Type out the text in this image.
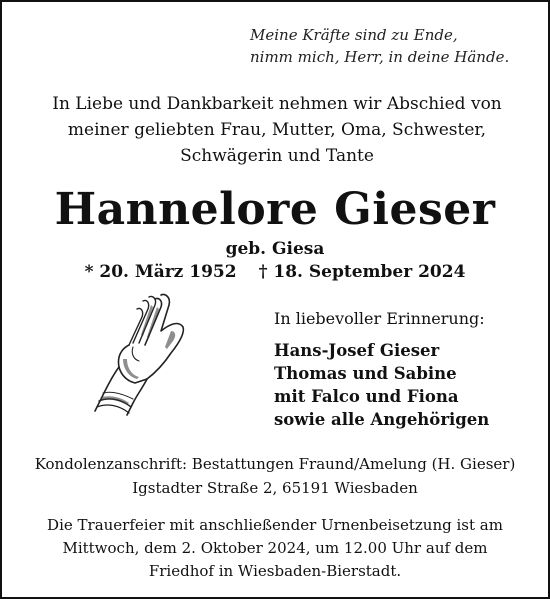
Meine Kräfte sind zu Ende,
nimm mich, Herr, in deine Hände.
In Liebe und Dankbarkeit nehmen wir Abschied von
meiner geliebten Frau, Mutter, Oma, Schwester,
Schwägerin und Tante
Hannelore Gieser
geb. Giesa
* 20. März 1952 † 18. September 2024
In liebevoller Erinnerung:
Hans-Josef Gieser
Thomas und Sabine
mit Falco und Fiona
sowie alle Angehörigen
Kondolenzanschrift: Bestattungen Fraund/Amelung (H. Gieser)
Igstadter Straße 2, 65191 Wiesbaden
Die Trauerfeier mit anschließender Urnenbeisetzung ist am
Mittwoch, dem 2. Oktober 2024, um 12.00 Uhr auf dem
Friedhof in Wiesbaden-Bierstadt.
